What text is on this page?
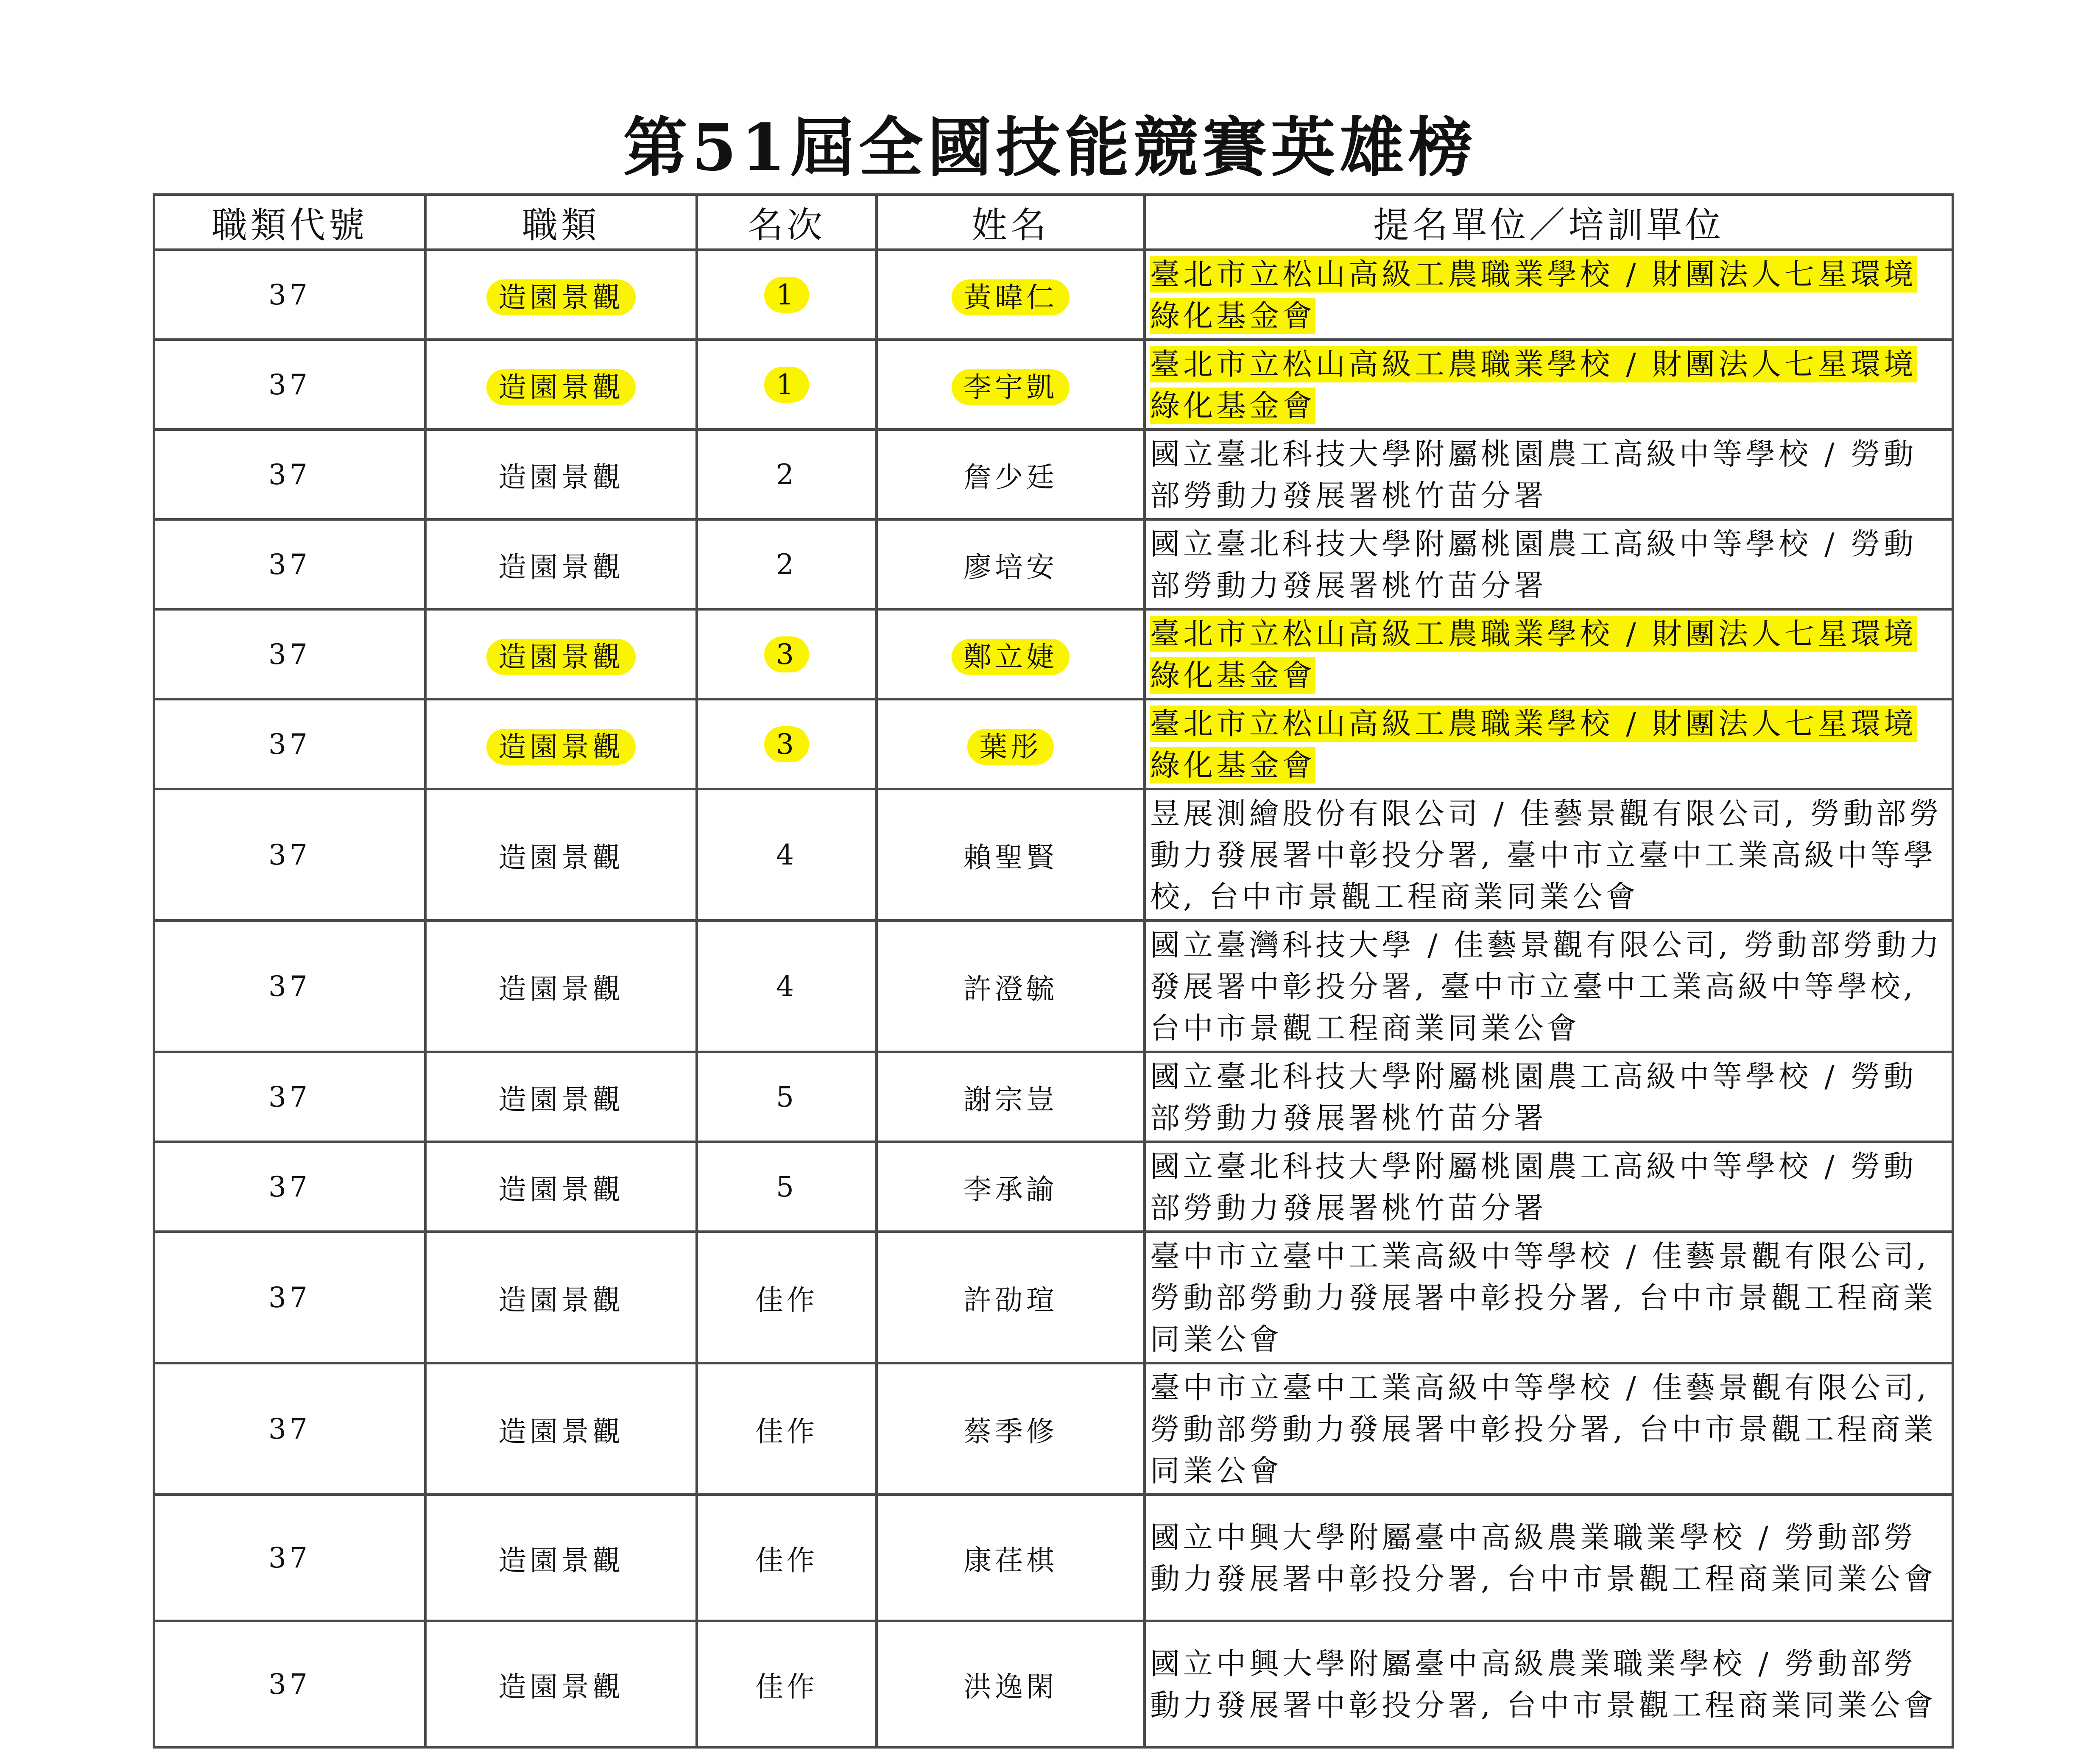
第51屆全國技能競賽英雄榜
職類代號	職類	名次	姓名	提名單位／培訓單位
37	造園景觀	1	黃暐仁	臺北市立松山高級工農職業學校 / 財團法人七星環境綠化基金會
37	造園景觀	1	李宇凱	臺北市立松山高級工農職業學校 / 財團法人七星環境綠化基金會
37	造園景觀	2	詹少廷	國立臺北科技大學附屬桃園農工高級中等學校 / 勞動部勞動力發展署桃竹苗分署
37	造園景觀	2	廖培安	國立臺北科技大學附屬桃園農工高級中等學校 / 勞動部勞動力發展署桃竹苗分署
37	造園景觀	3	鄭立婕	臺北市立松山高級工農職業學校 / 財團法人七星環境綠化基金會
37	造園景觀	3	葉彤	臺北市立松山高級工農職業學校 / 財團法人七星環境綠化基金會
37	造園景觀	4	賴聖賢	昱展測繪股份有限公司 / 佳藝景觀有限公司, 勞動部勞動力發展署中彰投分署, 臺中市立臺中工業高級中等學校, 台中市景觀工程商業同業公會
37	造園景觀	4	許澄毓	國立臺灣科技大學 / 佳藝景觀有限公司, 勞動部勞動力發展署中彰投分署, 臺中市立臺中工業高級中等學校, 台中市景觀工程商業同業公會
37	造園景觀	5	謝宗豈	國立臺北科技大學附屬桃園農工高級中等學校 / 勞動部勞動力發展署桃竹苗分署
37	造園景觀	5	李承諭	國立臺北科技大學附屬桃園農工高級中等學校 / 勞動部勞動力發展署桃竹苗分署
37	造園景觀	佳作	許劭瑄	臺中市立臺中工業高級中等學校 / 佳藝景觀有限公司, 勞動部勞動力發展署中彰投分署, 台中市景觀工程商業同業公會
37	造園景觀	佳作	蔡季修	臺中市立臺中工業高級中等學校 / 佳藝景觀有限公司, 勞動部勞動力發展署中彰投分署, 台中市景觀工程商業同業公會
37	造園景觀	佳作	康荏棋	國立中興大學附屬臺中高級農業職業學校 / 勞動部勞動力發展署中彰投分署, 台中市景觀工程商業同業公會
37	造園景觀	佳作	洪逸閑	國立中興大學附屬臺中高級農業職業學校 / 勞動部勞動力發展署中彰投分署, 台中市景觀工程商業同業公會
